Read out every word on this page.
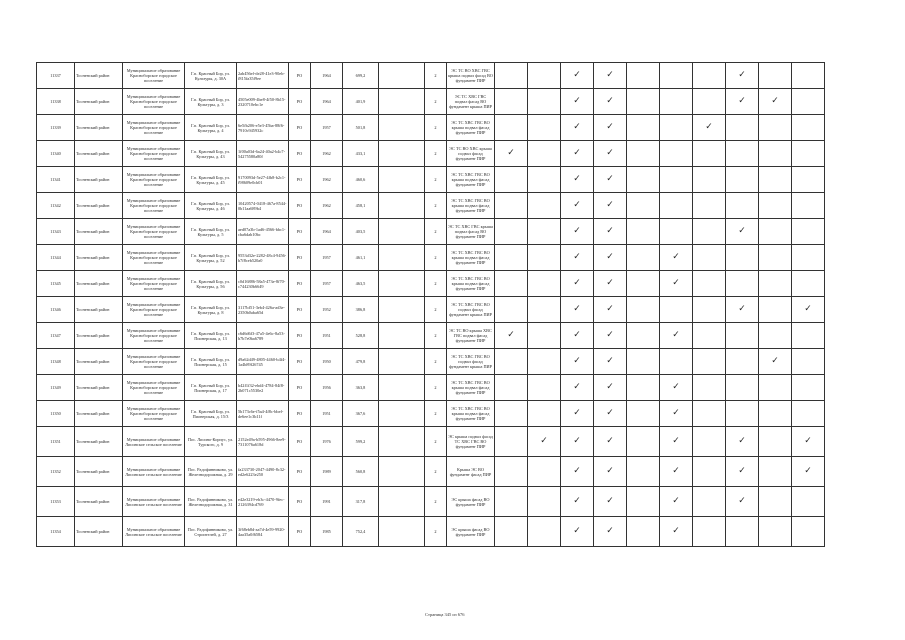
11337	Тосненский район	Муниципальное образование Красноборское городское поселение	Г.п. Красный Бор, ул. Культуры, д. 30А	2ab456ef-de28-41e3-90eb-f815fa35f9ee	РО	1964	699,2		2	ЭС ТС ВО ХВС ГВС крыша подвал фасад ВО фундамент ПИР			✓	✓				✓		
11338	Тосненский район	Муниципальное образование Красноборское городское поселение	Г.п. Красный Бор, ул. Культуры, д. 3	4505e009-4be8-4f50-8b15-2320710ebc1e	РО	1964	401,9		2	ЭС ТС ХВС ГВС подвал фасад ВО фундамент крыша ПИР			✓	✓				✓	✓	
11339	Тосненский район	Муниципальное образование Красноборское городское поселение	Г.п. Красный Бор, ул. Культуры, д. 4	6e5fb206-e5e3-45ba-88f6-7910c945932c	РО	1957	501,8		2	ЭС ТС ХВС ГВС ВО крыша подвал фасад фундамент ПИР			✓	✓			✓			
11340	Тосненский район	Муниципальное образование Красноборское городское поселение	Г.п. Красный Бор, ул. Культуры, д. 43	1f00a03d-6a24-40a2-b4c7-54275580a80f	РО	1962	433,1		2	ЭС ТС ВО ХВС крыша подвал фасад фундамент ПИР	✓		✓	✓						
11341	Тосненский район	Муниципальное образование Красноборское городское поселение	Г.п. Красный Бор, ул. Культуры, д. 45	9170093d-5e27-4fb8-b2c1-f98609e0cb01	РО	1962	460,6		2	ЭС ТС ХВС ГВС ВО крыша подвал фасад фундамент ПИР			✓	✓						
11342	Тосненский район	Муниципальное образование Красноборское городское поселение	Г.п. Красный Бор, ул. Культуры, д. 46	10420574-0418-467a-8544-0b11aa689b4	РО	1962	458,1		2	ЭС ТС ХВС ГВС ВО крыша подвал фасад фундамент ПИР			✓	✓						
11343	Тосненский район	Муниципальное образование Красноборское городское поселение	Г.п. Красный Бор, ул. Культуры, д. 5	aed07a3b-1ad6-4566-bbc1-cba6dab10bc	РО	1964	403,5		2	ЭС ТС ХВС ГВС крыша подвал фасад ВО фундамент ПИР			✓	✓				✓		
11344	Тосненский район	Муниципальное образование Красноборское городское поселение	Г.п. Красный Бор, ул. Культуры, д. 52	9553d32e-2282-48c4-9456-b7f8ceb520a0	РО	1957	461,1		2	ЭС ТС ХВС ГВС ВО крыша подвал фасад фундамент ПИР			✓	✓		✓				
11345	Тосненский район	Муниципальное образование Красноборское городское поселение	Г.п. Красный Бор, ул. Культуры, д. 56	c0d16886-58a5-473e-8f70-c744230b6649	РО	1957	463,5		2	ЭС ТС ХВС ГВС ВО крыша подвал фасад фундамент ПИР			✓	✓		✓				
11346	Тосненский район	Муниципальное образование Красноборское городское поселение	Г.п. Красный Бор, ул. Культуры, д. 8	3117bf51-3eb4-426a-ad3e-2350b0aba65d	РО	1952	386,8		2	ЭС ТС ХВС ГВС ВО подвал фасад фундамент крыша ПИР			✓	✓				✓		✓
11347	Тосненский район	Муниципальное образование Красноборское городское поселение	Г.п. Красный Бор, ул. Пионерская, д. 13	c6d6d6f3-47a5-4e6c-8a53-b7b7e0ba6789	РО	1951	528,8		2	ЭС ТС ВО крыша ХВС ГВС подвал фасад фундамент ПИР	✓		✓	✓		✓				
11348	Тосненский район	Муниципальное образование Красноборское городское поселение	Г.п. Красный Бор, ул. Пионерская, д. 15	d9a62d49-4805-4460-b4f4-1a4b89f26745	РО	1950	479,8		2	ЭС ТС ХВС ГВС ВО подвал фасад фундамент крыша ПИР			✓	✓					✓	
11349	Тосненский район	Муниципальное образование Красноборское городское поселение	Г.п. Красный Бор, ул. Пионерская, д. 17	b42f1f32-ebd4-4784-84f8-2b071c5530e2	РО	1956	363,8		2	ЭС ТС ХВС ГВС ВО крыша подвал фасад фундамент ПИР			✓	✓		✓				
11350	Тосненский район	Муниципальное образование Красноборское городское поселение	Г.п. Красный Бор, ул. Пионерская, д. 15/3	5b173c6e-f5a4-4f8c-bbef-de6ee1c3b11f	РО	1951	367,6		2	ЭС ТС ХВС ГВС ВО крыша подвал фасад фундамент ПИР			✓	✓		✓				
11351	Тосненский район	Муниципальное образование Лисинское сельское поселение	Пос. Лисино-Корпус, ул. Турского, д. 9	2152e49a-b595-4966-8ee9-7311076a618d	РО	1976	599,2		2	ЭС крыша подвал фасад ТС ХВС ГВС ВО фундамент ПИР		✓	✓	✓		✓		✓		✓
11352	Тосненский район	Муниципальное образование Лисинское сельское поселение	Пос. Радофинниково, ул. Железнодорожная, д. 29	fa233730-2047-4490-8c32-ed2e6223e250	РО	1989	560,8		2	Крыша ЭС ВО фундамент фасад ПИР			✓	✓		✓		✓		✓
11353	Тосненский район	Муниципальное образование Лисинское сельское поселение	Пос. Радофинниково, ул. Железнодорожная, д. 31	e42e3219-eb3c-4470-9fec-2126394cd769	РО	1991	317,8		2	ЭС крыша фасад ВО фундамент ПИР			✓	✓		✓		✓		
11354	Тосненский район	Муниципальное образование Лисинское сельское поселение	Пос. Радофинниково, ул. Строителей, д. 27	3f68eb8d-aa7d-4e59-9920-4aa35a0f6584	РО	1985	752,4		2	ЭС крыша фасад ВО фундамент ПИР			✓	✓		✓				
Страница 345 из 676
